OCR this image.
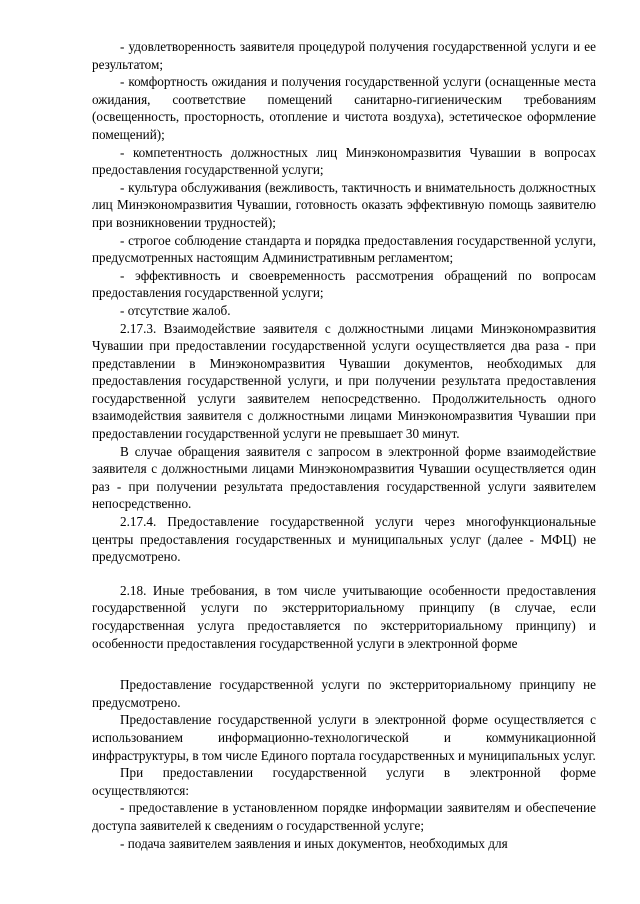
- удовлетворенность заявителя процедурой получения государственной услуги и ее результатом;

- комфортность ожидания и получения государственной услуги (оснащенные места ожидания, соответствие помещений санитарно-гигиеническим требованиям (освещенность, просторность, отопление и чистота воздуха), эстетическое оформление помещений);

- компетентность должностных лиц Минэкономразвития Чувашии в вопросах предоставления государственной услуги;

- культура обслуживания (вежливость, тактичность и внимательность должностных лиц Минэкономразвития Чувашии, готовность оказать эффективную помощь заявителю при возникновении трудностей);

- строгое соблюдение стандарта и порядка предоставления государственной услуги, предусмотренных настоящим Административным регламентом;

- эффективность и своевременность рассмотрения обращений по вопросам предоставления государственной услуги;

- отсутствие жалоб.

2.17.3. Взаимодействие заявителя с должностными лицами Минэкономразвития Чувашии при предоставлении государственной услуги осуществляется два раза - при представлении в Минэкономразвития Чувашии документов, необходимых для предоставления государственной услуги, и при получении результата предоставления государственной услуги заявителем непосредственно. Продолжительность одного взаимодействия заявителя с должностными лицами Минэкономразвития Чувашии при предоставлении государственной услуги не превышает 30 минут.

В случае обращения заявителя с запросом в электронной форме взаимодействие заявителя с должностными лицами Минэкономразвития Чувашии осуществляется один раз - при получении результата предоставления государственной услуги заявителем непосредственно.

2.17.4. Предоставление государственной услуги через многофункциональные центры предоставления государственных и муниципальных услуг (далее - МФЦ) не предусмотрено.

2.18. Иные требования, в том числе учитывающие особенности предоставления государственной услуги по экстерриториальному принципу (в случае, если государственная услуга предоставляется по экстерриториальному принципу) и особенности предоставления государственной услуги в электронной форме

Предоставление государственной услуги по экстерриториальному принципу не предусмотрено.

Предоставление государственной услуги в электронной форме осуществляется с использованием информационно-технологической и коммуникационной инфраструктуры, в том числе Единого портала государственных и муниципальных услуг.

При предоставлении государственной услуги в электронной форме осуществляются:

- предоставление в установленном порядке информации заявителям и обеспечение доступа заявителей к сведениям о государственной услуге;

- подача заявителем заявления и иных документов, необходимых для
